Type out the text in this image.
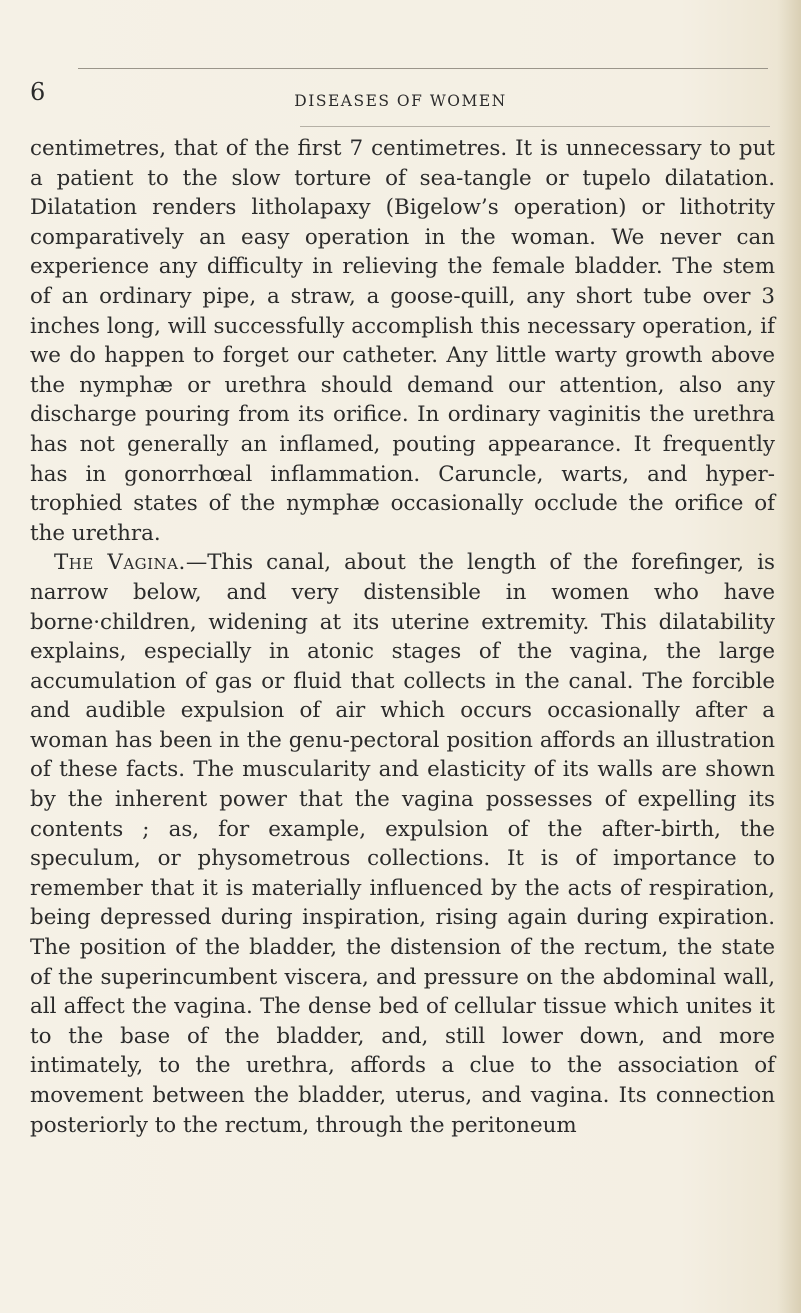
6	DISEASES OF WOMEN

centimetres, that of the first 7 centimetres. It is unnecessary to put a patient to the slow torture of sea-tangle or tupelo dilatation. Dilatation renders litholapaxy (Bigelow’s operation) or lithotrity comparatively an easy operation in the woman. We never can experience any difficulty in relieving the female bladder. The stem of an ordinary pipe, a straw, a goose-quill, any short tube over 3 inches long, will successfully accomplish this necessary operation, if we do happen to forget our catheter. Any little warty growth above the nymphæ or urethra should demand our attention, also any discharge pouring from its orifice. In ordinary vaginitis the urethra has not generally an inflamed, pouting appearance. It frequently has in gonorrhœal inflammation. Caruncle, warts, and hypertrophied states of the nymphæ occasionally occlude the orifice of the urethra.

The Vagina.—This canal, about the length of the forefinger, is narrow below, and very distensible in women who have borne·children, widening at its uterine extremity. This dilatability explains, especially in atonic stages of the vagina, the large accumulation of gas or fluid that collects in the canal. The forcible and audible expulsion of air which occurs occasionally after a woman has been in the genu-pectoral position affords an illustration of these facts. The muscularity and elasticity of its walls are shown by the inherent power that the vagina possesses of expelling its contents ; as, for example, expulsion of the after-birth, the speculum, or physometrous collections. It is of importance to remember that it is materially influenced by the acts of respiration, being depressed during inspiration, rising again during expiration. The position of the bladder, the distension of the rectum, the state of the superincumbent viscera, and pressure on the abdominal wall, all affect the vagina. The dense bed of cellular tissue which unites it to the base of the bladder, and, still lower down, and more intimately, to the urethra, affords a clue to the association of movement between the bladder, uterus, and vagina. Its connection posteriorly to the rectum, through the peritoneum
